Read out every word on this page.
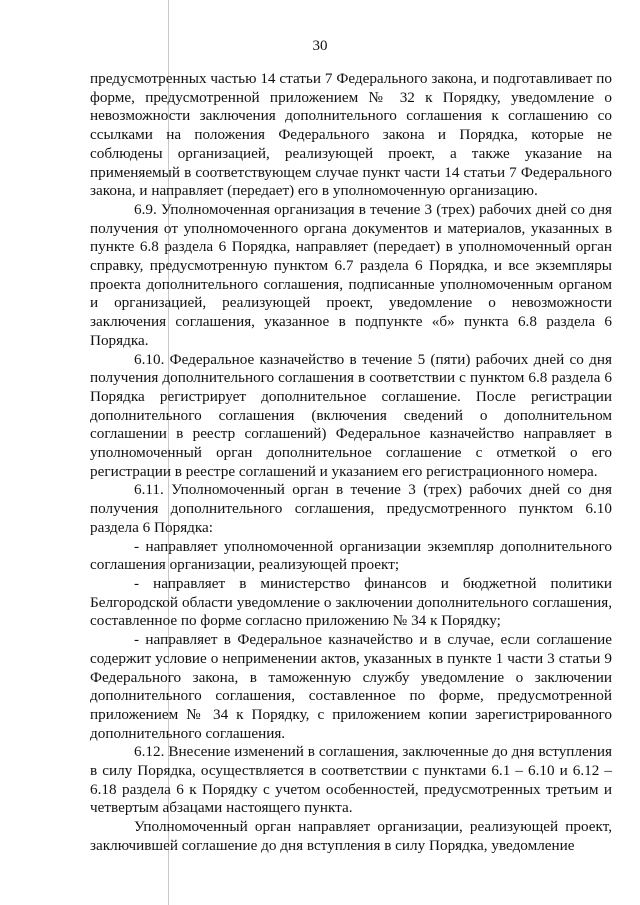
30

предусмотренных частью 14 статьи 7 Федерального закона, и подготавливает по форме, предусмотренной приложением № 32 к Порядку, уведомление о невозможности заключения дополнительного соглашения к соглашению со ссылками на положения Федерального закона и Порядка, которые не соблюдены организацией, реализующей проект, а также указание на применяемый в соответствующем случае пункт части 14 статьи 7 Федерального закона, и направляет (передает) его в уполномоченную организацию.

6.9. Уполномоченная организация в течение 3 (трех) рабочих дней со дня получения от уполномоченного органа документов и материалов, указанных в пункте 6.8 раздела 6 Порядка, направляет (передает) в уполномоченный орган справку, предусмотренную пунктом 6.7 раздела 6 Порядка, и все экземпляры проекта дополнительного соглашения, подписанные уполномоченным органом и организацией, реализующей проект, уведомление о невозможности заключения соглашения, указанное в подпункте «б» пункта 6.8 раздела 6 Порядка.

6.10. Федеральное казначейство в течение 5 (пяти) рабочих дней со дня получения дополнительного соглашения в соответствии с пунктом 6.8 раздела 6 Порядка регистрирует дополнительное соглашение. После регистрации дополнительного соглашения (включения сведений о дополнительном соглашении в реестр соглашений) Федеральное казначейство направляет в уполномоченный орган дополнительное соглашение с отметкой о его регистрации в реестре соглашений и указанием его регистрационного номера.

6.11. Уполномоченный орган в течение 3 (трех) рабочих дней со дня получения дополнительного соглашения, предусмотренного пунктом 6.10 раздела 6 Порядка:

- направляет уполномоченной организации экземпляр дополнительного соглашения организации, реализующей проект;

- направляет в министерство финансов и бюджетной политики Белгородской области уведомление о заключении дополнительного соглашения, составленное по форме согласно приложению № 34 к Порядку;

- направляет в Федеральное казначейство и в случае, если соглашение содержит условие о неприменении актов, указанных в пункте 1 части 3 статьи 9 Федерального закона, в таможенную службу уведомление о заключении дополнительного соглашения, составленное по форме, предусмотренной приложением № 34 к Порядку, с приложением копии зарегистрированного дополнительного соглашения.

6.12. Внесение изменений в соглашения, заключенные до дня вступления в силу Порядка, осуществляется в соответствии с пунктами 6.1 – 6.10 и 6.12 – 6.18 раздела 6 к Порядку с учетом особенностей, предусмотренных третьим и четвертым абзацами настоящего пункта.

Уполномоченный орган направляет организации, реализующей проект, заключившей соглашение до дня вступления в силу Порядка, уведомление
